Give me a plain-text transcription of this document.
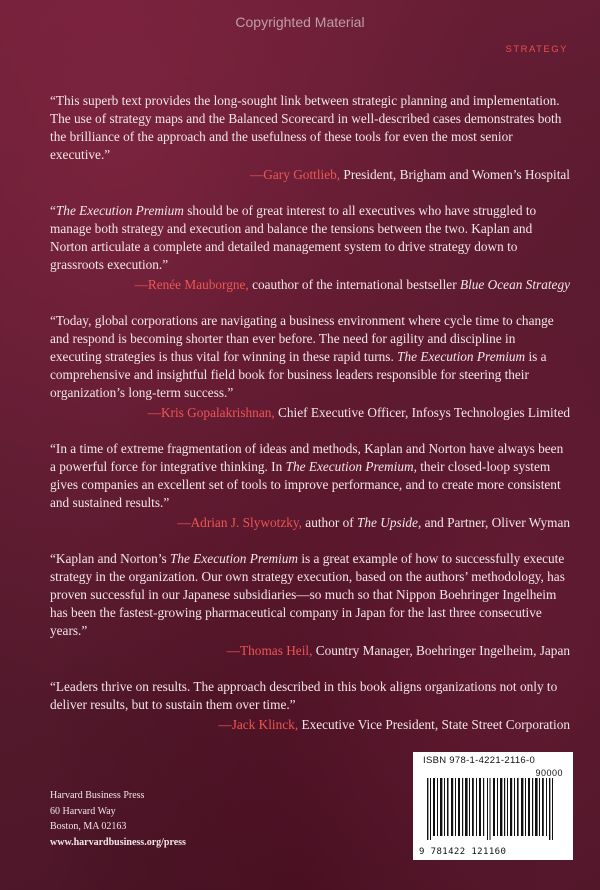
Copyrighted Material
STRATEGY

“This superb text provides the long-sought link between strategic planning and implementation. The use of strategy maps and the Balanced Scorecard in well-described cases demonstrates both the brilliance of the approach and the usefulness of these tools for even the most senior executive.”

—Gary Gottlieb, President, Brigham and Women’s Hospital

“The Execution Premium should be of great interest to all executives who have struggled to manage both strategy and execution and balance the tensions between the two. Kaplan and Norton articulate a complete and detailed management system to drive strategy down to grassroots execution.”

—Renée Mauborgne, coauthor of the international bestseller Blue Ocean Strategy

“Today, global corporations are navigating a business environment where cycle time to change and respond is becoming shorter than ever before. The need for agility and discipline in executing strategies is thus vital for winning in these rapid turns. The Execution Premium is a comprehensive and insightful field book for business leaders responsible for steering their organization’s long-term success.”

—Kris Gopalakrishnan, Chief Executive Officer, Infosys Technologies Limited

“In a time of extreme fragmentation of ideas and methods, Kaplan and Norton have always been a powerful force for integrative thinking. In The Execution Premium, their closed-loop system gives companies an excellent set of tools to improve performance, and to create more consistent and sustained results.”

—Adrian J. Slywotzky, author of The Upside, and Partner, Oliver Wyman

“Kaplan and Norton’s The Execution Premium is a great example of how to successfully execute strategy in the organization. Our own strategy execution, based on the authors’ methodology, has proven successful in our Japanese subsidiaries—so much so that Nippon Boehringer Ingelheim has been the fastest-growing pharmaceutical company in Japan for the last three consecutive years.”

—Thomas Heil, Country Manager, Boehringer Ingelheim, Japan

“Leaders thrive on results. The approach described in this book aligns organizations not only to deliver results, but to sustain them over time.”

—Jack Klinck, Executive Vice President, State Street Corporation
Harvard Business Press
60 Harvard Way
Boston, MA 02163
www.harvardbusiness.org/press
ISBN 978-1-4221-2116-0
90000
9 781422 121160
